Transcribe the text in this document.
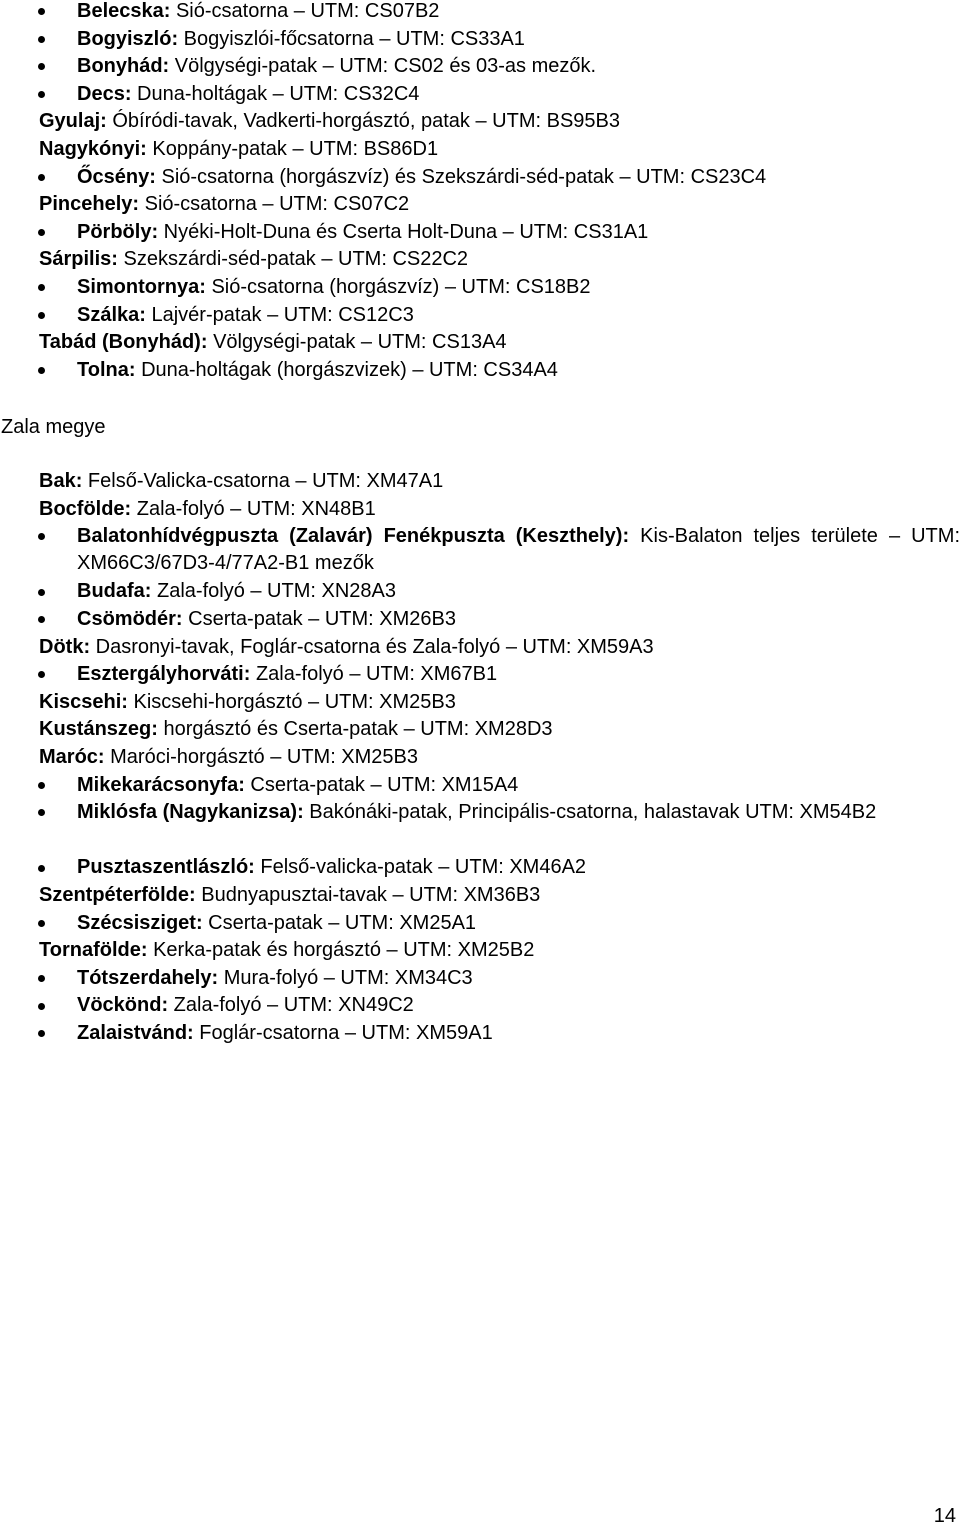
Belecska: Sió-csatorna – UTM: CS07B2
Bogyiszló: Bogyiszlói-főcsatorna – UTM: CS33A1
Bonyhád: Völgységi-patak – UTM: CS02 és 03-as mezők.
Decs: Duna-holtágak – UTM: CS32C4
Gyulaj: Óbíródi-tavak, Vadkerti-horgásztó, patak – UTM: BS95B3
Nagykónyi: Koppány-patak – UTM: BS86D1
Őcsény: Sió-csatorna (horgászvíz) és Szekszárdi-séd-patak – UTM: CS23C4
Pincehely: Sió-csatorna – UTM: CS07C2
Pörböly: Nyéki-Holt-Duna és Cserta Holt-Duna – UTM: CS31A1
Sárpilis: Szekszárdi-séd-patak – UTM: CS22C2
Simontornya: Sió-csatorna (horgászvíz) – UTM: CS18B2
Szálka: Lajvér-patak – UTM: CS12C3
Tabád (Bonyhád): Völgységi-patak – UTM: CS13A4
Tolna: Duna-holtágak (horgászvizek) – UTM: CS34A4
Zala megye
Bak: Felső-Valicka-csatorna – UTM: XM47A1
Bocfölde: Zala-folyó – UTM: XN48B1
Balatonhídvégpuszta (Zalavár) Fenékpuszta (Keszthely): Kis-Balaton teljes területe – UTM: XM66C3/67D3-4/77A2-B1 mezők
Budafa: Zala-folyó – UTM: XN28A3
Csömödér: Cserta-patak – UTM: XM26B3
Dötk: Dasronyi-tavak, Foglár-csatorna és Zala-folyó – UTM: XM59A3
Esztergályhorváti: Zala-folyó – UTM: XM67B1
Kiscsehi: Kiscsehi-horgásztó – UTM: XM25B3
Kustánszeg: horgásztó és Cserta-patak – UTM: XM28D3
Maróc: Maróci-horgásztó – UTM: XM25B3
Mikekarácsonyfa: Cserta-patak – UTM: XM15A4
Miklósfa (Nagykanizsa): Bakónáki-patak, Principális-csatorna, halastavak UTM: XM54B2
Pusztaszentlászló: Felső-valicka-patak – UTM: XM46A2
Szentpéterfölde: Budnyapusztai-tavak – UTM: XM36B3
Szécsisziget: Cserta-patak – UTM: XM25A1
Tornafölde: Kerka-patak és horgásztó – UTM: XM25B2
Tótszerdahely: Mura-folyó – UTM: XM34C3
Vöckönd: Zala-folyó – UTM: XN49C2
Zalaistvánd: Foglár-csatorna – UTM: XM59A1
14
